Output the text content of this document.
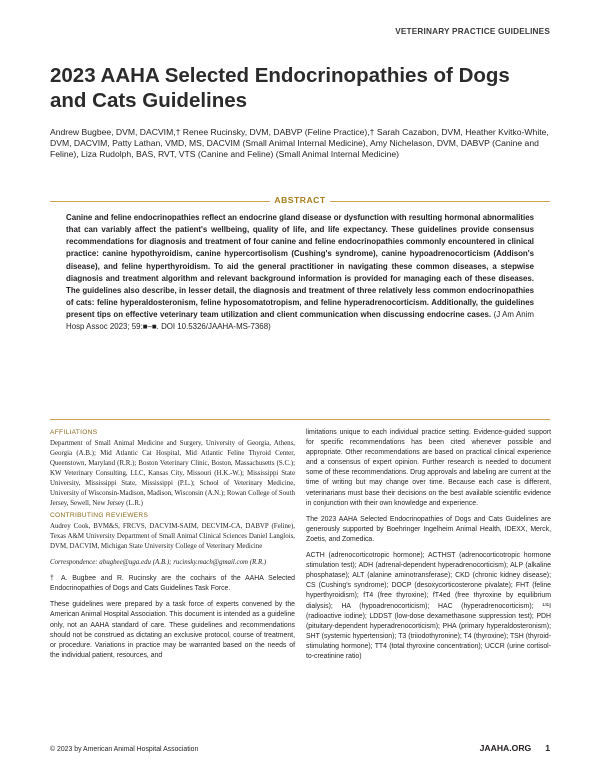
VETERINARY PRACTICE GUIDELINES
2023 AAHA Selected Endocrinopathies of Dogs and Cats Guidelines
Andrew Bugbee, DVM, DACVIM,† Renee Rucinsky, DVM, DABVP (Feline Practice),† Sarah Cazabon, DVM, Heather Kvitko-White, DVM, DACVIM, Patty Lathan, VMD, MS, DACVIM (Small Animal Internal Medicine), Amy Nichelason, DVM, DABVP (Canine and Feline), Liza Rudolph, BAS, RVT, VTS (Canine and Feline) (Small Animal Internal Medicine)
ABSTRACT
Canine and feline endocrinopathies reflect an endocrine gland disease or dysfunction with resulting hormonal abnormalities that can variably affect the patient's wellbeing, quality of life, and life expectancy. These guidelines provide consensus recommendations for diagnosis and treatment of four canine and feline endocrinopathies commonly encountered in clinical practice: canine hypothyroidism, canine hypercortisolism (Cushing's syndrome), canine hypoadrenocorticism (Addison's disease), and feline hyperthyroidism. To aid the general practitioner in navigating these common diseases, a stepwise diagnosis and treatment algorithm and relevant background information is provided for managing each of these diseases. The guidelines also describe, in lesser detail, the diagnosis and treatment of three relatively less common endocrinopathies of cats: feline hyperaldosteronism, feline hyposomatotropism, and feline hyperadrenocorticism. Additionally, the guidelines present tips on effective veterinary team utilization and client communication when discussing endocrine cases. (J Am Anim Hosp Assoc 2023; 59:■–■. DOI 10.5326/JAAHA-MS-7368)
AFFILIATIONS

Department of Small Animal Medicine and Surgery, University of Georgia, Athens, Georgia (A.B.); Mid Atlantic Cat Hospital, Mid Atlantic Feline Thyroid Center, Queenstown, Maryland (R.R.); Boston Veterinary Clinic, Boston, Massachusetts (S.C.); KW Veterinary Consulting, LLC, Kansas City, Missouri (H.K.-W.); Mississippi State University, Mississippi State, Mississippi (P.L.); School of Veterinary Medicine, University of Wisconsin-Madison, Madison, Wisconsin (A.N.); Rowan College of South Jersey, Sewell, New Jersey (L.R.)

CONTRIBUTING REVIEWERS

Audrey Cook, BVM&S, FRCVS, DACVIM-SAIM, DECVIM-CA, DABVP (Feline), Texas A&M University Department of Small Animal Clinical Sciences Daniel Langlois, DVM, DACVIM, Michigan State University College of Veterinary Medicine

Correspondence: abugbee@uga.edu (A.B.); rucinsky.mach@gmail.com (R.R.)

† A. Bugbee and R. Rucinsky are the cochairs of the AAHA Selected Endocrinopathies of Dogs and Cats Guidelines Task Force.

These guidelines were prepared by a task force of experts convened by the American Animal Hospital Association. This document is intended as a guideline only, not an AAHA standard of care. These guidelines and recommendations should not be construed as dictating an exclusive protocol, course of treatment, or procedure. Variations in practice may be warranted based on the needs of the individual patient, resources, and

limitations unique to each individual practice setting. Evidence-guided support for specific recommendations has been cited whenever possible and appropriate. Other recommendations are based on practical clinical experience and a consensus of expert opinion. Further research is needed to document some of these recommendations. Drug approvals and labeling are current at the time of writing but may change over time. Because each case is different, veterinarians must base their decisions on the best available scientific evidence in conjunction with their own knowledge and experience.

The 2023 AAHA Selected Endocrinopathies of Dogs and Cats Guidelines are generously supported by Boehringer Ingelheim Animal Health, IDEXX, Merck, Zoetis, and Zomedica.

ACTH (adrenocorticotropic hormone); ACTHST (adrenocorticotropic hormone stimulation test); ADH (adrenal-dependent hyperadrenocorticism); ALP (alkaline phosphatase); ALT (alanine aminotransferase); CKD (chronic kidney disease); CS (Cushing's syndrome); DOCP (desoxycorticosterone pivalate); FHT (feline hyperthyroidism); fT4 (free thyroxine); fT4ed (free thyroxine by equilibrium dialysis); HA (hypoadrenocorticism); HAC (hyperadrenocorticism); ¹³¹I (radioactive iodine); LDDST (low-dose dexamethasone suppression test); PDH (pituitary-dependent hyperadrenocorticism); PHA (primary hyperaldosteronism); SHT (systemic hypertension); T3 (triiodothyronine); T4 (thyroxine); TSH (thyroid-stimulating hormone); TT4 (total thyroxine concentration); UCCR (urine cortisol-to-creatinine ratio)

© 2023 by American Animal Hospital Association	JAAHA.ORG 1
